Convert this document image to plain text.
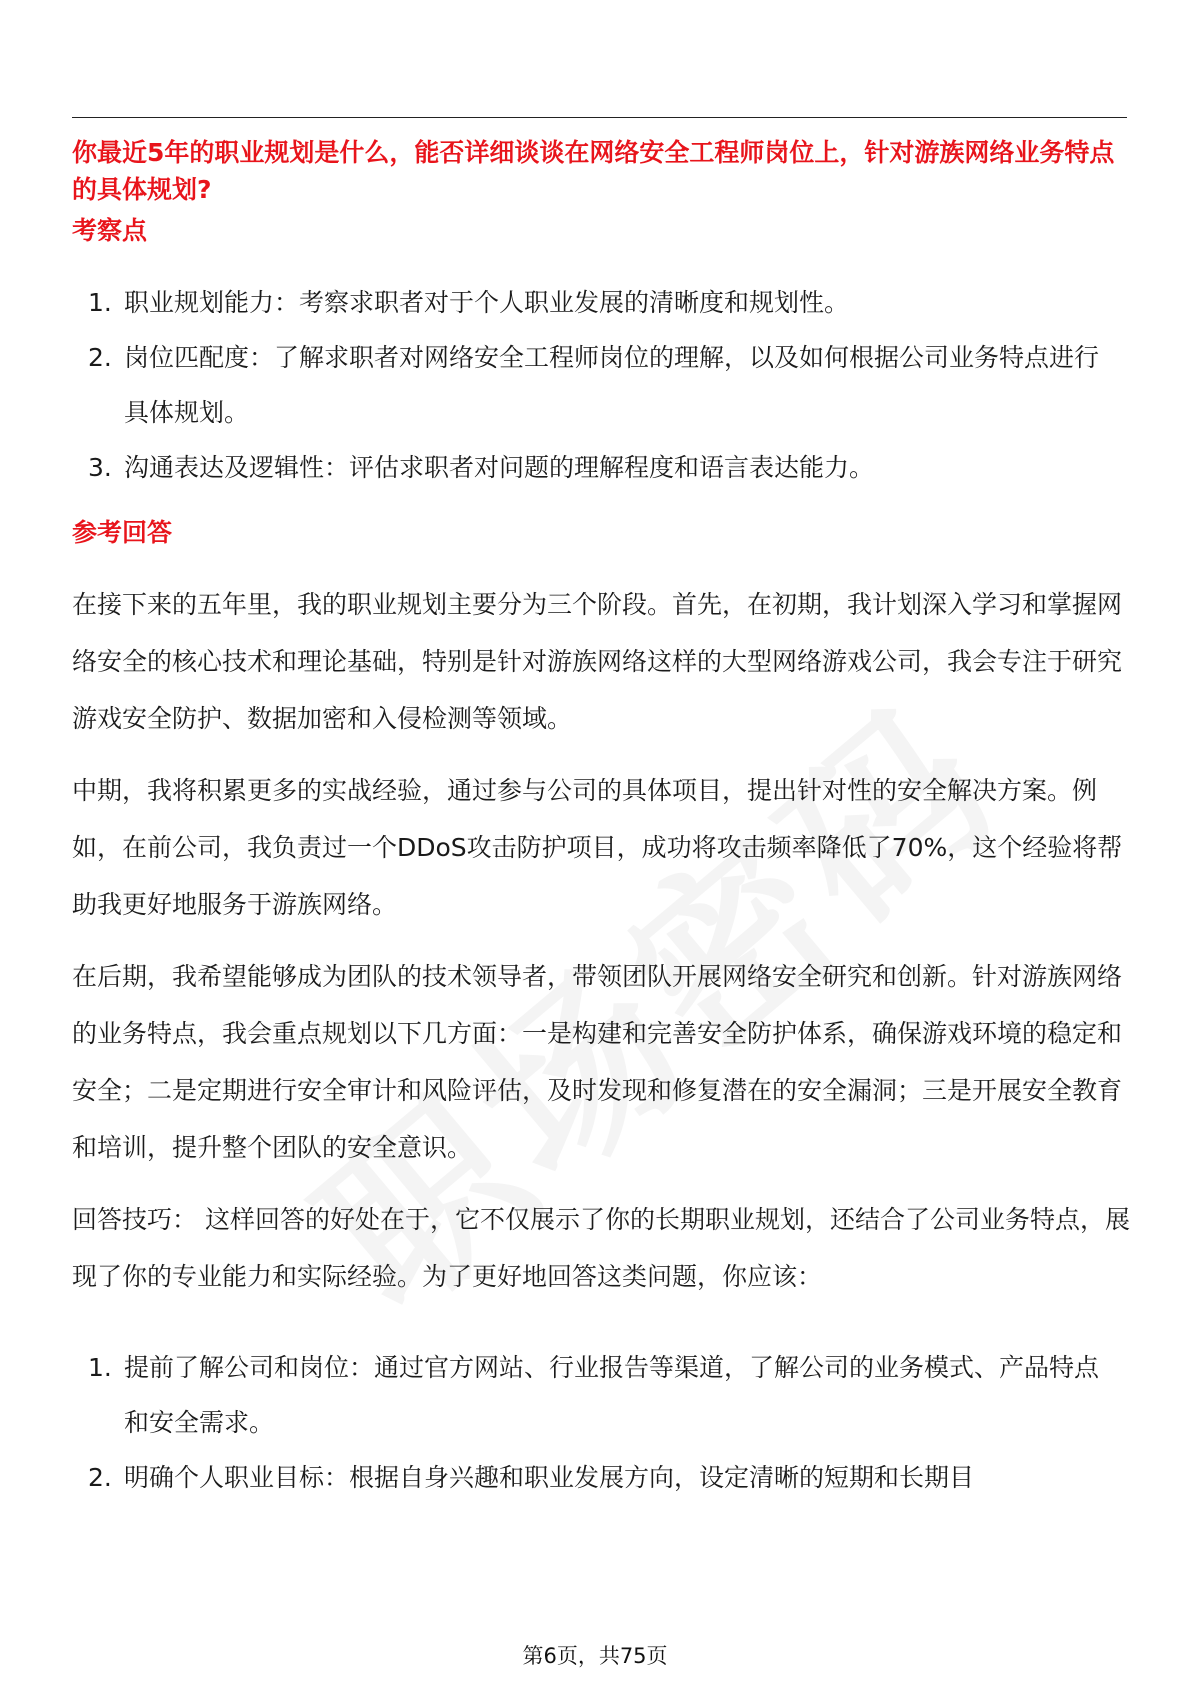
你最近5年的职业规划是什么，能否详细谈谈在网络安全工程师岗位上，针对游族网络业务特点的具体规划?
考察点
1. 职业规划能力：考察求职者对于个人职业发展的清晰度和规划性。
2. 岗位匹配度：了解求职者对网络安全工程师岗位的理解，以及如何根据公司业务特点进行具体规划。
3. 沟通表达及逻辑性：评估求职者对问题的理解程度和语言表达能力。
参考回答

在接下来的五年里，我的职业规划主要分为三个阶段。首先，在初期，我计划深入学习和掌握网络安全的核心技术和理论基础，特别是针对游族网络这样的大型网络游戏公司，我会专注于研究游戏安全防护、数据加密和入侵检测等领域。

中期，我将积累更多的实战经验，通过参与公司的具体项目，提出针对性的安全解决方案。例如，在前公司，我负责过一个DDoS攻击防护项目，成功将攻击频率降低了70%，这个经验将帮助我更好地服务于游族网络。

在后期，我希望能够成为团队的技术领导者，带领团队开展网络安全研究和创新。针对游族网络的业务特点，我会重点规划以下几方面：一是构建和完善安全防护体系，确保游戏环境的稳定和安全；二是定期进行安全审计和风险评估，及时发现和修复潜在的安全漏洞；三是开展安全教育和培训，提升整个团队的安全意识。

回答技巧： 这样回答的好处在于，它不仅展示了你的长期职业规划，还结合了公司业务特点，展现了你的专业能力和实际经验。为了更好地回答这类问题，你应该：

1. 提前了解公司和岗位：通过官方网站、行业报告等渠道，了解公司的业务模式、产品特点和安全需求。
2. 明确个人职业目标：根据自身兴趣和职业发展方向，设定清晰的短期和长期目
第6页，共75页
